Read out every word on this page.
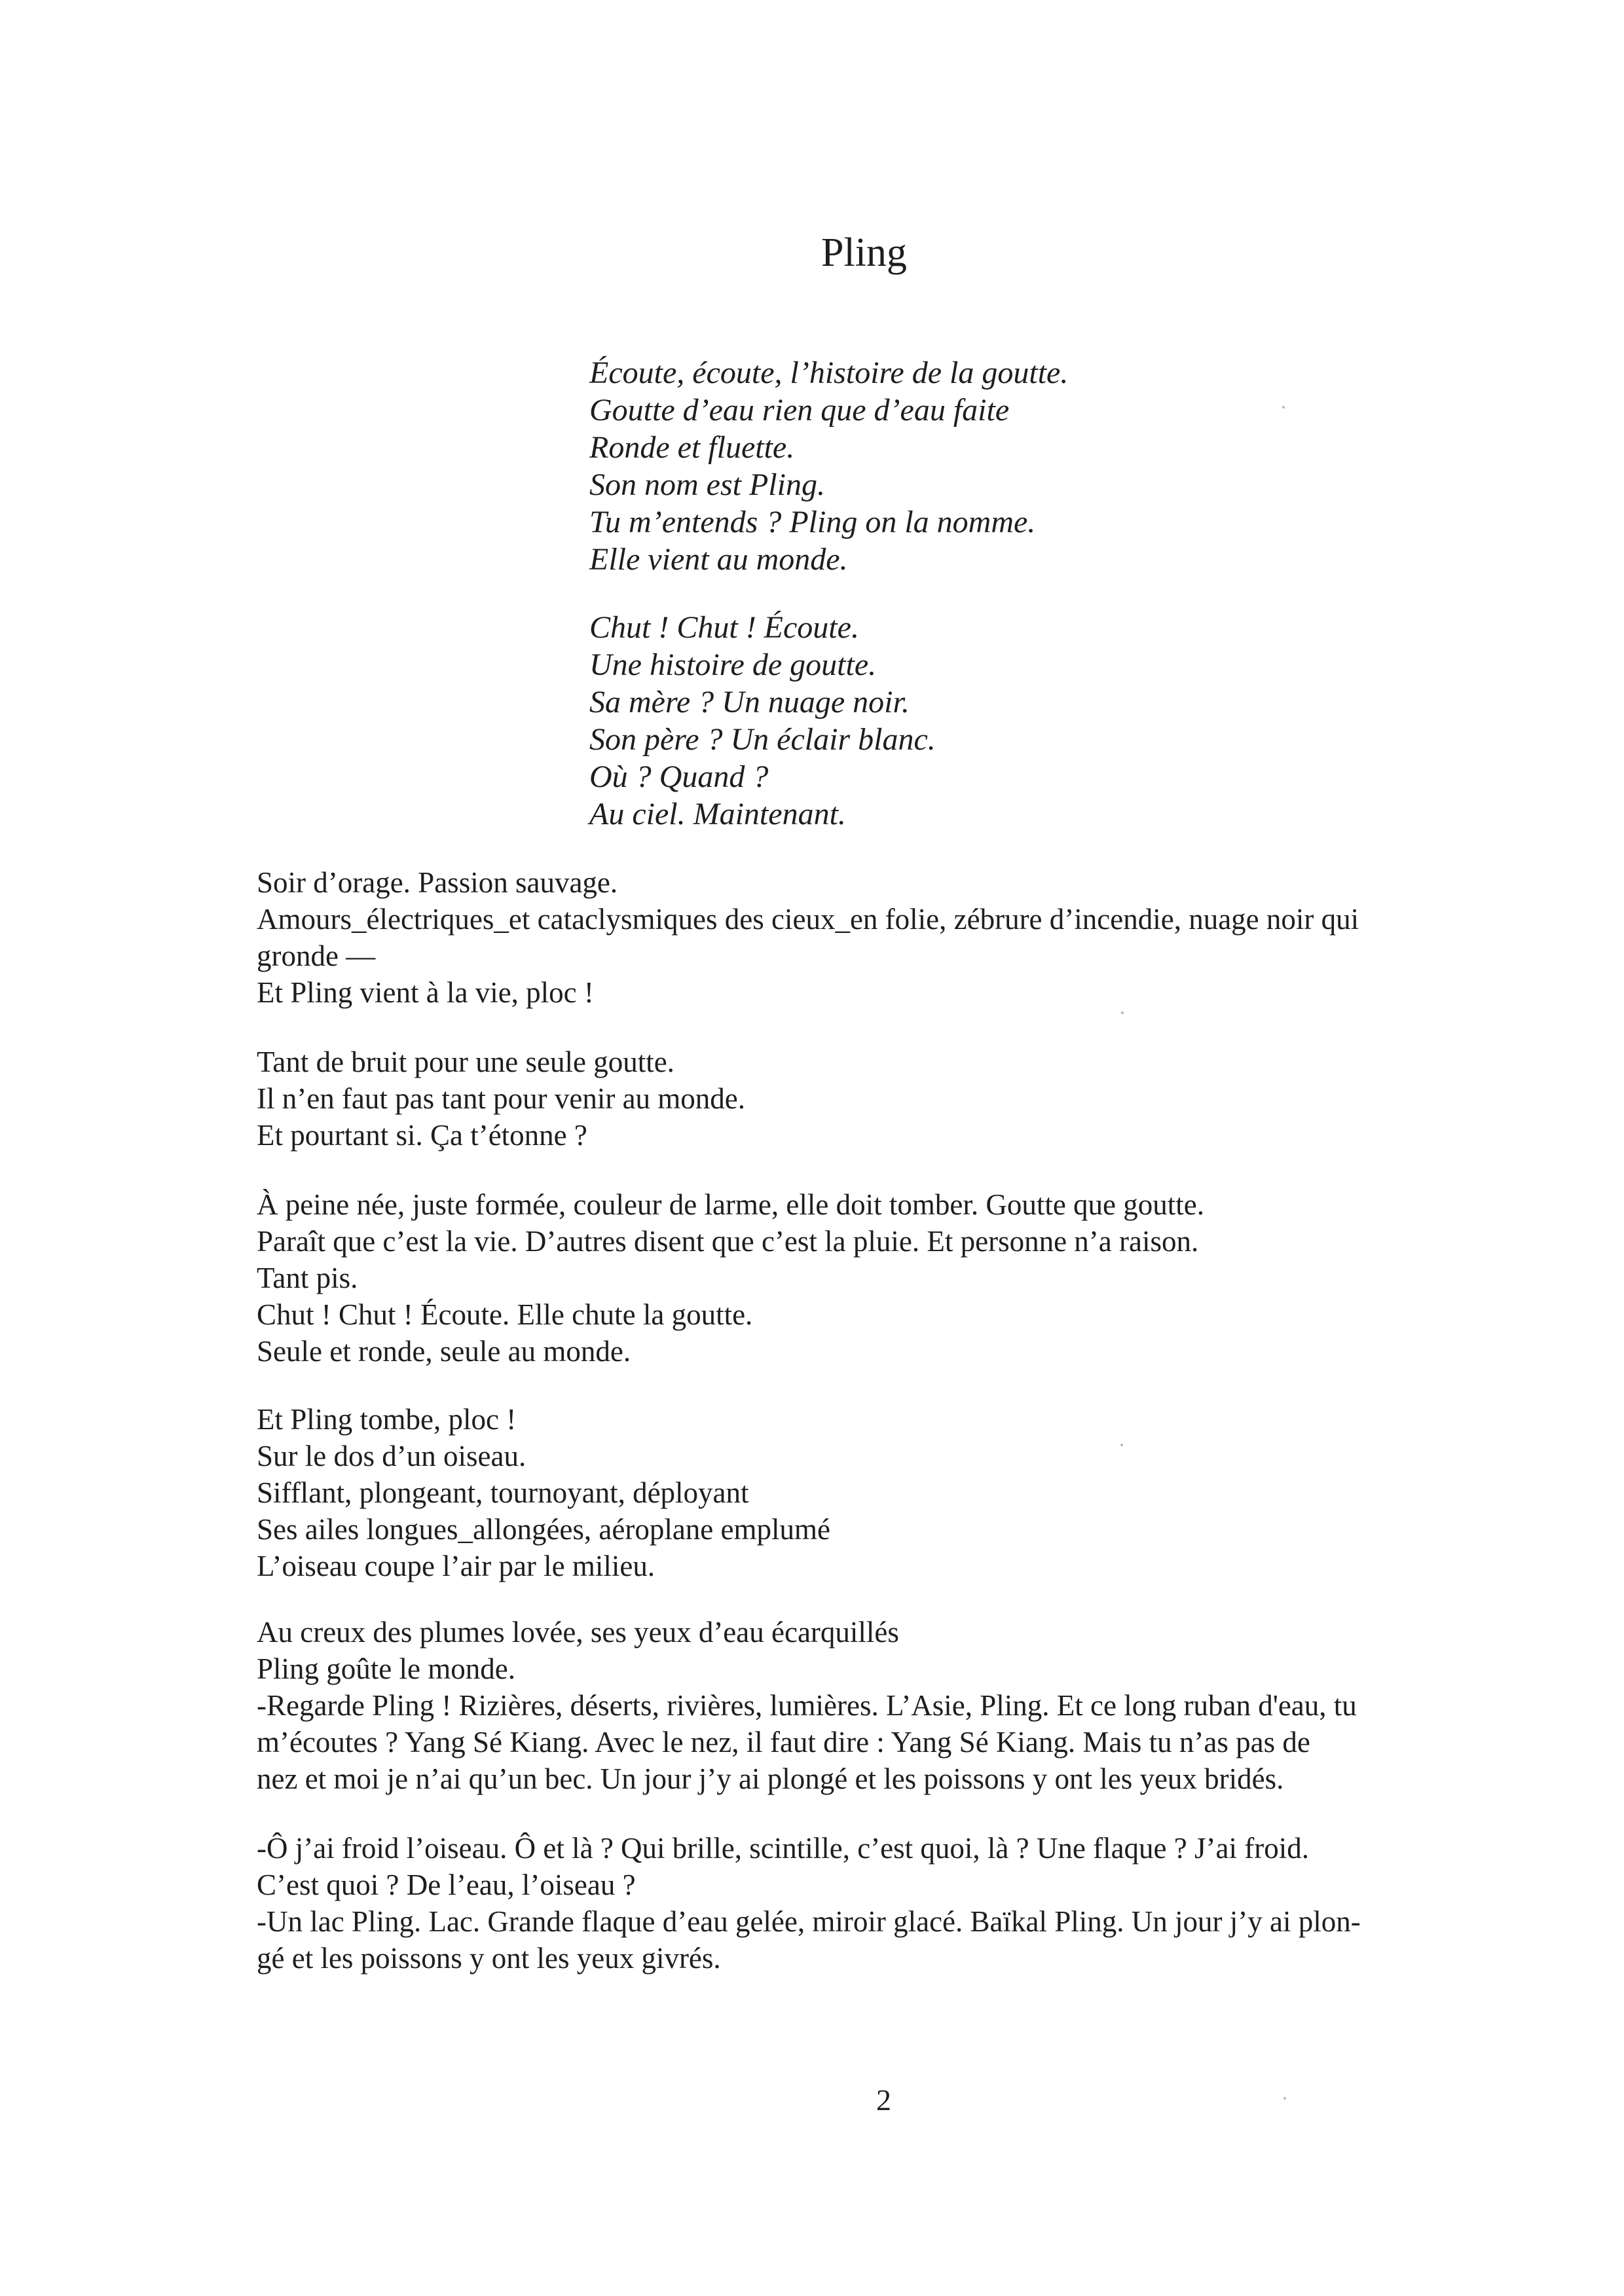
Pling
Écoute, écoute, l’histoire de la goutte.
Goutte d’eau rien que d’eau faite
Ronde et fluette.
Son nom est Pling.
Tu m’entends ? Pling on la nomme.
Elle vient au monde.
Chut ! Chut ! Écoute.
Une histoire de goutte.
Sa mère ? Un nuage noir.
Son père ? Un éclair blanc.
Où ? Quand ?
Au ciel. Maintenant.
Soir d’orage. Passion sauvage.
Amours_électriques_et cataclysmiques des cieux_en folie, zébrure d’incendie, nuage noir qui
gronde —
Et Pling vient à la vie, ploc !
Tant de bruit pour une seule goutte.
Il n’en faut pas tant pour venir au monde.
Et pourtant si. Ça t’étonne ?
À peine née, juste formée, couleur de larme, elle doit tomber. Goutte que goutte.
Paraît que c’est la vie. D’autres disent que c’est la pluie. Et personne n’a raison.
Tant pis.
Chut ! Chut ! Écoute. Elle chute la goutte.
Seule et ronde, seule au monde.
Et Pling tombe, ploc !
Sur le dos d’un oiseau.
Sifflant, plongeant, tournoyant, déployant
Ses ailes longues_allongées, aéroplane emplumé
L’oiseau coupe l’air par le milieu.
Au creux des plumes lovée, ses yeux d’eau écarquillés
Pling goûte le monde.
-Regarde Pling ! Rizières, déserts, rivières, lumières. L’Asie, Pling. Et ce long ruban d'eau, tu
m’écoutes ? Yang Sé Kiang. Avec le nez, il faut dire : Yang Sé Kiang. Mais tu n’as pas de
nez et moi je n’ai qu’un bec. Un jour j’y ai plongé et les poissons y ont les yeux bridés.
-Ô j’ai froid l’oiseau. Ô et là ? Qui brille, scintille, c’est quoi, là ? Une flaque ? J’ai froid.
C’est quoi ? De l’eau, l’oiseau ?
-Un lac Pling. Lac. Grande flaque d’eau gelée, miroir glacé. Baïkal Pling. Un jour j’y ai plon-
gé et les poissons y ont les yeux givrés.
2
